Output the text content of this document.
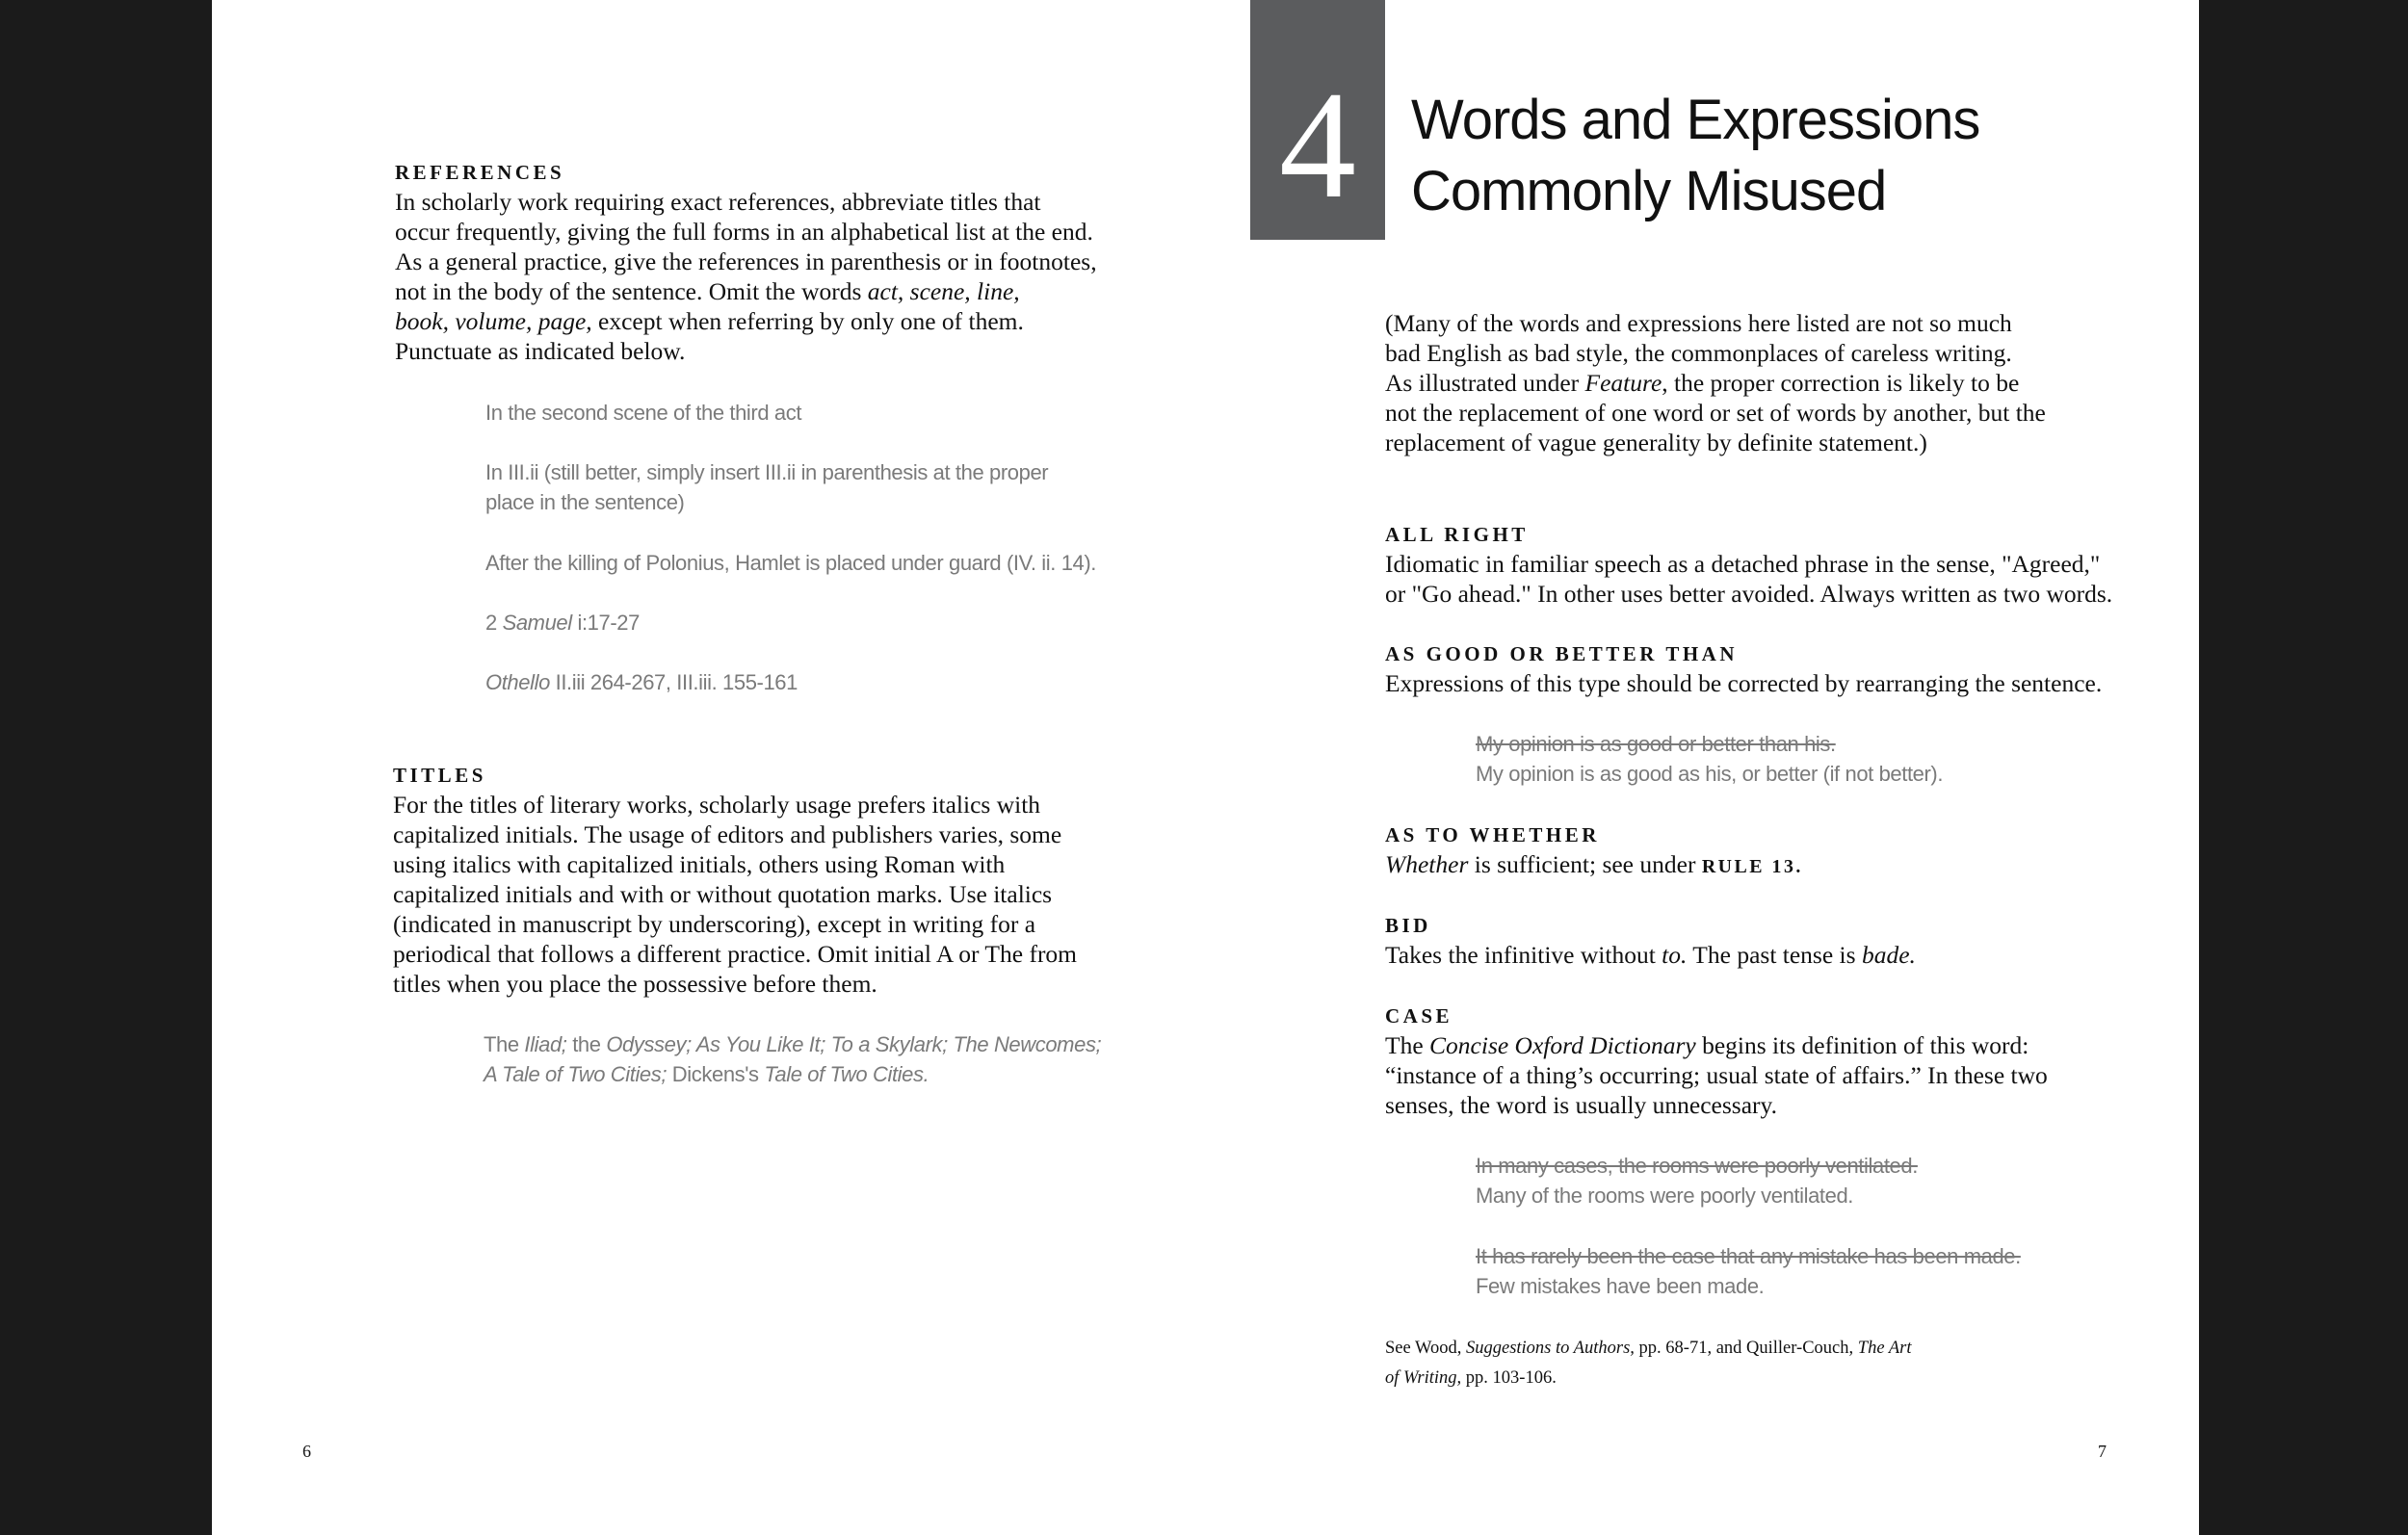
REFERENCES
In scholarly work requiring exact references, abbreviate titles that
occur frequently, giving the full forms in an alphabetical list at the end.
As a general practice, give the references in parenthesis or in footnotes,
not in the body of the sentence. Omit the words act, scene, line,
book, volume, page, except when referring by only one of them.
Punctuate as indicated below.
In the second scene of the third act
In III.ii (still better, simply insert III.ii in parenthesis at the proper
place in the sentence)
After the killing of Polonius, Hamlet is placed under guard (IV. ii. 14).
2 Samuel i:17-27
Othello II.iii 264-267, III.iii. 155-161
TITLES
For the titles of literary works, scholarly usage prefers italics with
capitalized initials. The usage of editors and publishers varies, some
using italics with capitalized initials, others using Roman with
capitalized initials and with or without quotation marks. Use italics
(indicated in manuscript by underscoring), except in writing for a
periodical that follows a different practice. Omit initial A or The from
titles when you place the possessive before them.
The Iliad; the Odyssey; As You Like It; To a Skylark; The Newcomes;
A Tale of Two Cities; Dickens's Tale of Two Cities.
6
4 Words and Expressions
Commonly Misused
(Many of the words and expressions here listed are not so much
bad English as bad style, the commonplaces of careless writing.
As illustrated under Feature, the proper correction is likely to be
not the replacement of one word or set of words by another, but the
replacement of vague generality by definite statement.)
ALL RIGHT
Idiomatic in familiar speech as a detached phrase in the sense, "Agreed,"
or "Go ahead." In other uses better avoided. Always written as two words.
AS GOOD OR BETTER THAN
Expressions of this type should be corrected by rearranging the sentence.
My opinion is as good or better than his.
My opinion is as good as his, or better (if not better).
AS TO WHETHER
Whether is sufficient; see under RULE 13.
BID
Takes the infinitive without to. The past tense is bade.
CASE
The Concise Oxford Dictionary begins its definition of this word:
“instance of a thing’s occurring; usual state of affairs.” In these two
senses, the word is usually unnecessary.
In many cases, the rooms were poorly ventilated.
Many of the rooms were poorly ventilated.
It has rarely been the case that any mistake has been made.
Few mistakes have been made.
See Wood, Suggestions to Authors, pp. 68-71, and Quiller-Couch, The Art
of Writing, pp. 103-106.
7
